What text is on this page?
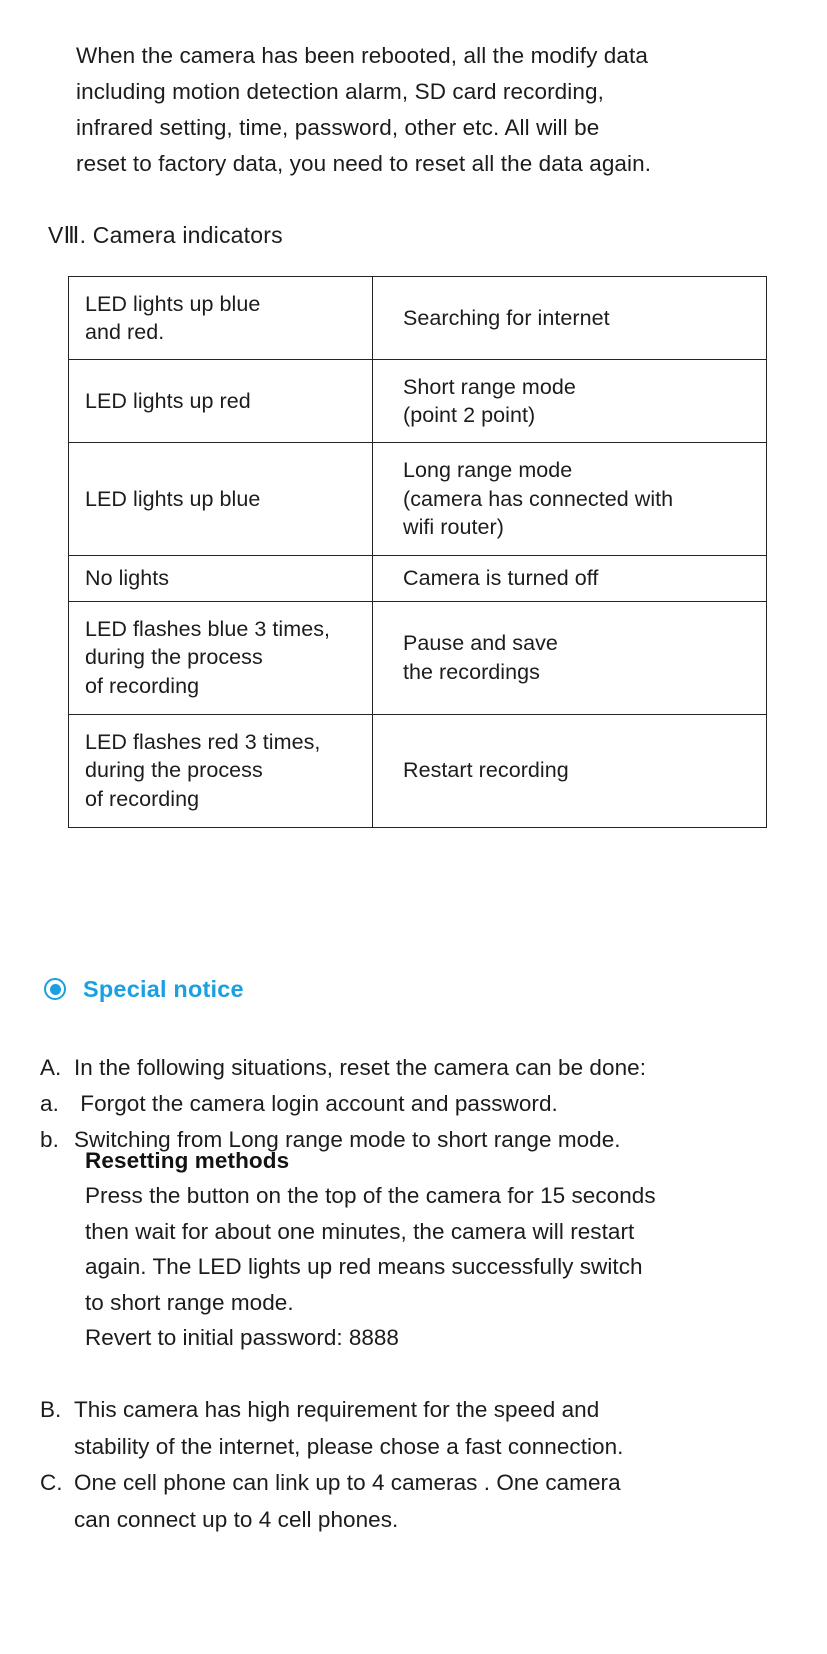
When the camera has been rebooted, all the modify data
including motion detection alarm, SD card recording,
infrared setting, time, password, other etc. All will be
reset to factory data, you need to reset all the data again.
VⅢ. Camera indicators
LED lights up blue
and red.	Searching for internet

LED lights up red	Short range mode
(point 2 point)

LED lights up blue	Long range mode
(camera has connected with
wifi router)

No lights	Camera is turned off

LED flashes blue 3 times,
during the process
of recording	Pause and save
the recordings

LED flashes red 3 times,
during the process
of recording	Restart recording
Special notice
A. In the following situations, reset the camera can be done:
a. Forgot the camera login account and password.
b. Switching from Long range mode to short range mode.
Resetting methods
Press the button on the top of the camera for 15 seconds
then wait for about one minutes, the camera will restart
again. The LED lights up red means successfully switch
to short range mode.
Revert to initial password: 8888
B. This camera has high requirement for the speed and
stability of the internet, please chose a fast connection.
C. One cell phone can link up to 4 cameras . One camera
can connect up to 4 cell phones.
